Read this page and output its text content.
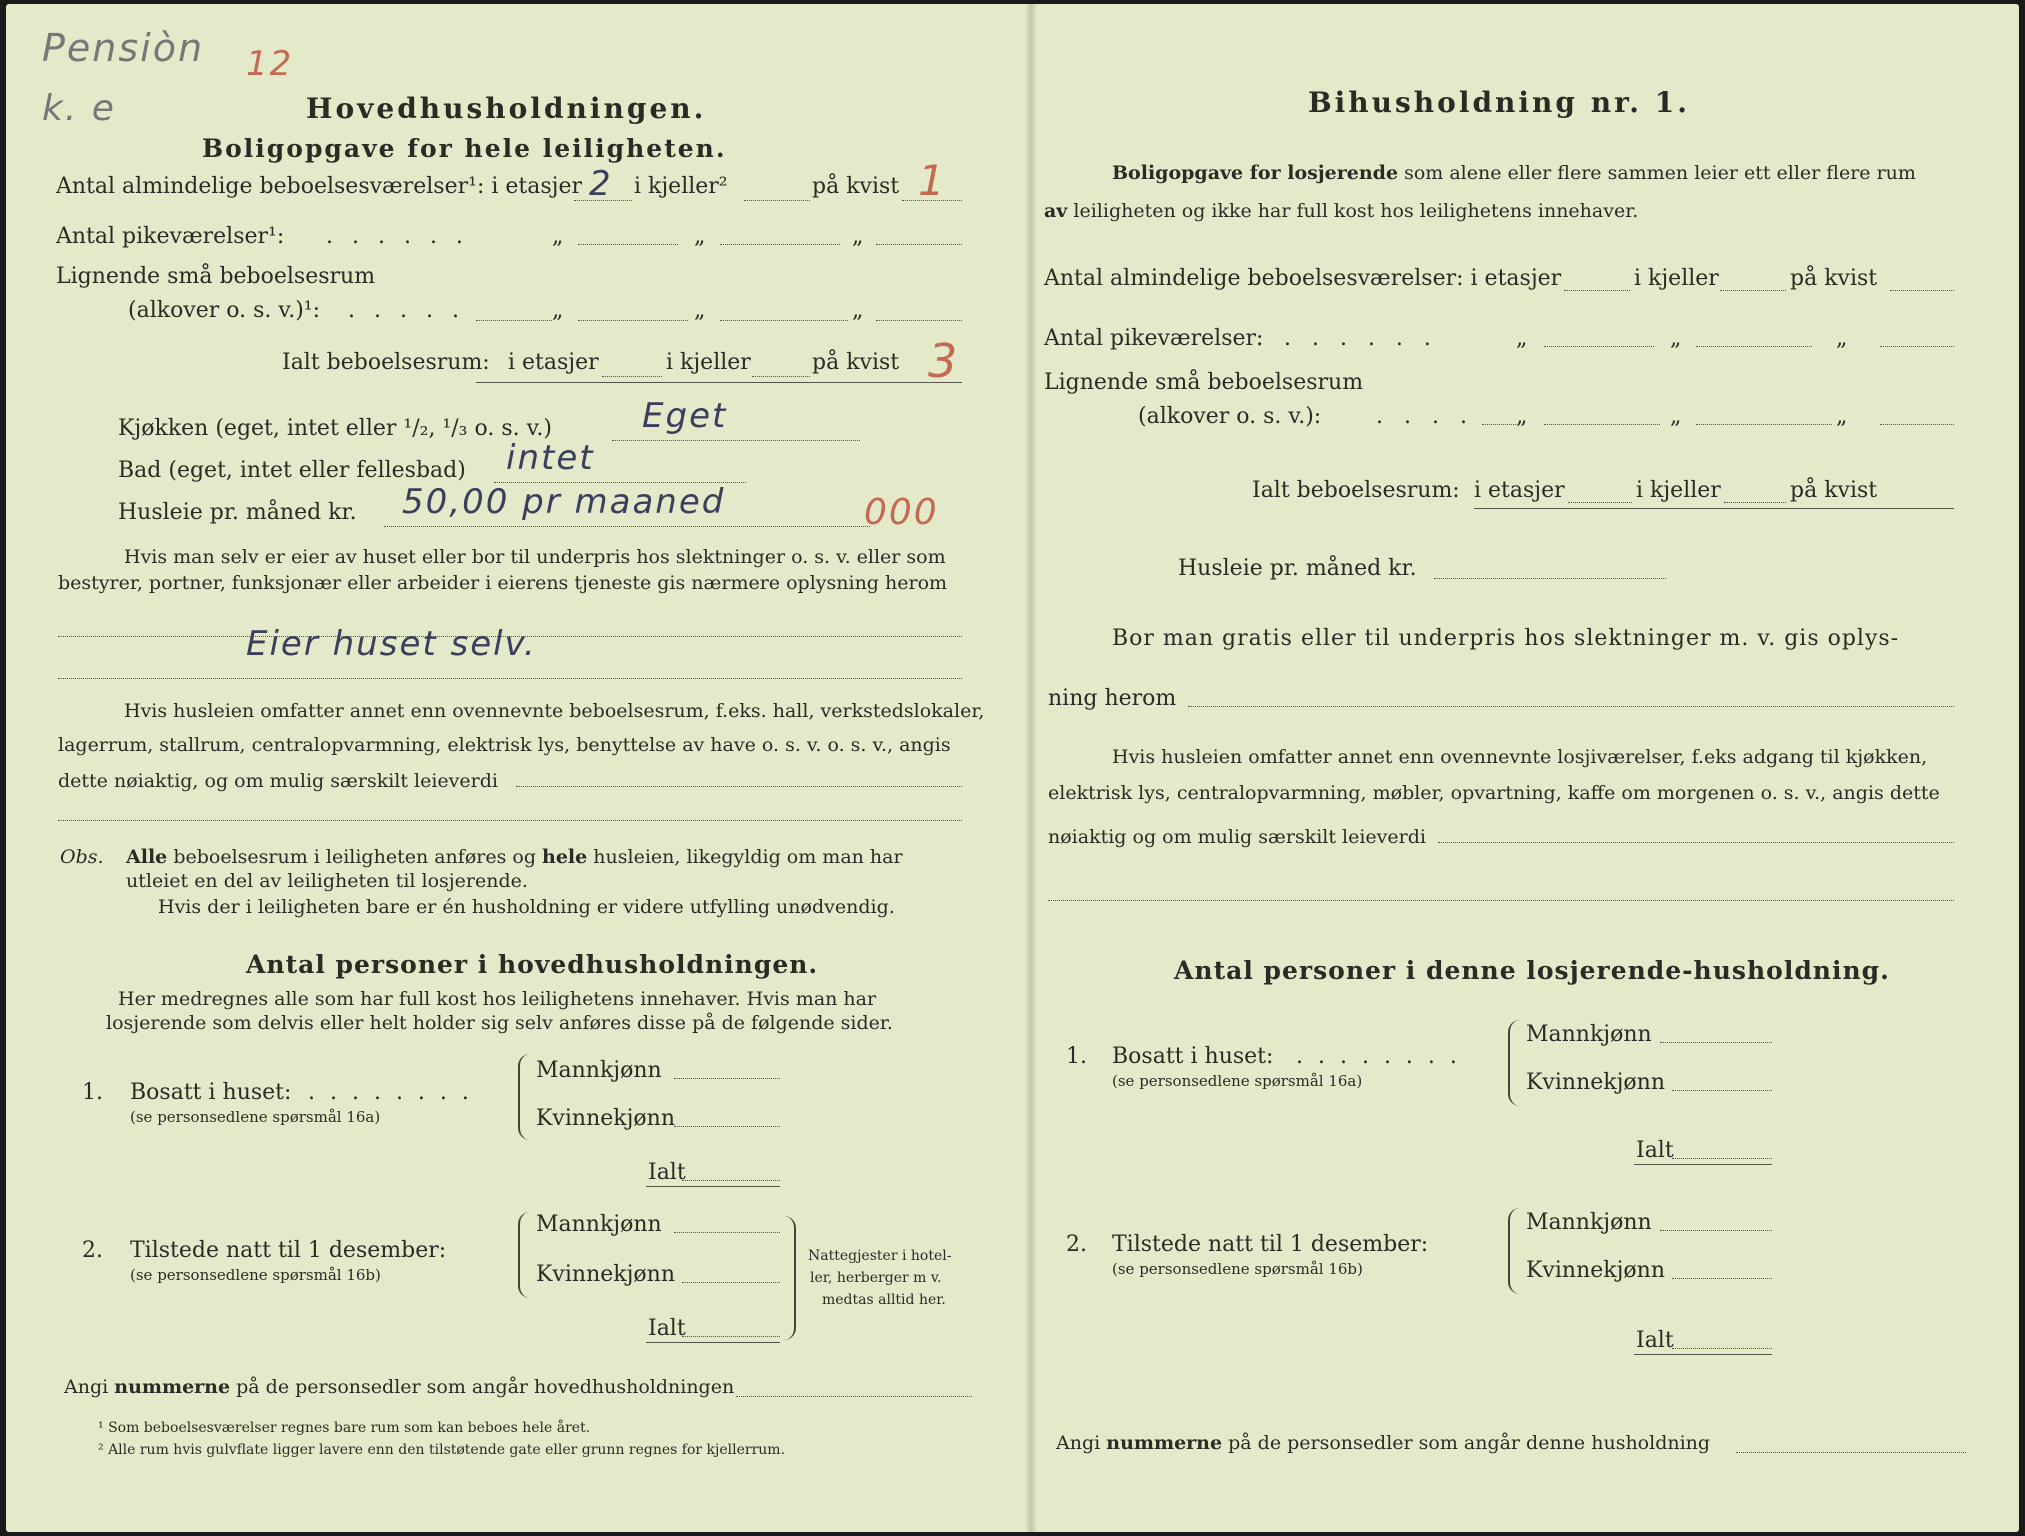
Pensiòn 12
k. e	Hovedhusholdningen.
Boligopgave for hele leiligheten.
Antal almindelige beboelsesværelser¹: i etasjer 2 i kjeller²	på kvist 1
Antal pikeværelser¹: . . . . . .	„	„	„
Lignende små beboelsesrum
(alkover o. s. v.)¹: . . . . .	„	„	„
Ialt beboelsesrum: i etasjer	i kjeller	på kvist 3
Kjøkken (eget, intet eller ¹/₂, ¹/₃ o. s. v.)	Eget
Bad (eget, intet eller fellesbad) intet
Husleie pr. måned kr. 50,00 pr maaned	000
Hvis man selv er eier av huset eller bor til underpris hos slektninger o. s. v. eller som
bestyrer, portner, funksjonær eller arbeider i eierens tjeneste gis nærmere oplysning herom
Eier huset selv.
Hvis husleien omfatter annet enn ovennevnte beboelsesrum, f.eks. hall, verkstedslokaler,
lagerrum, stallrum, centralopvarmning, elektrisk lys, benyttelse av have o. s. v. o. s. v., angis
dette nøiaktig, og om mulig særskilt leieverdi
Obs. Alle beboelsesrum i leiligheten anføres og hele husleien, likegyldig om man har
utleiet en del av leiligheten til losjerende.
Hvis der i leiligheten bare er én husholdning er videre utfylling unødvendig.
Antal personer i hovedhusholdningen.
Her medregnes alle som har full kost hos leilighetens innehaver. Hvis man har
losjerende som delvis eller helt holder sig selv anføres disse på de følgende sider.
1. Bosatt i huset: . . . . . . . .
(se personsedlene spørsmål 16a)
Mannkjønn
Kvinnekjønn
Ialt
2. Tilstede natt til 1 desember:
(se personsedlene spørsmål 16b)
Mannkjønn
Kvinnekjønn
Ialt
Nattegjester i hotel-
ler, herberger m v.
medtas alltid her.
Angi nummerne på de personsedler som angår hovedhusholdningen
¹ Som beboelsesværelser regnes bare rum som kan beboes hele året.
² Alle rum hvis gulvflate ligger lavere enn den tilstøtende gate eller grunn regnes for kjellerrum.
Bihusholdning nr. 1.
Boligopgave for losjerende som alene eller flere sammen leier ett eller flere rum
av leiligheten og ikke har full kost hos leilighetens innehaver.
Antal almindelige beboelsesværelser: i etasjer	i kjeller	på kvist
Antal pikeværelser:
. . . . . . .	„	„	„
Lignende små beboelsesrum
(alkover o. s. v.): . . . . „	„	„
Ialt beboelsesrum: i etasjer	i kjeller	på kvist
Husleie pr. måned kr.
Bor man gratis eller til underpris hos slektninger m. v. gis oplys-
ning herom
Hvis husleien omfatter annet enn ovennevnte losjiværelser, f.eks adgang til kjøkken,
elektrisk lys, centralopvarmning, møbler, opvartning, kaffe om morgenen o. s. v., angis dette
nøiaktig og om mulig særskilt leieverdi
Antal personer i denne losjerende-husholdning.
1. Bosatt i huset: . . . . . . . .
(se personsedlene spørsmål 16a)
Mannkjønn
Kvinnekjønn
Ialt
2. Tilstede natt til 1 desember:
(se personsedlene spørsmål 16b)
Mannkjønn
Kvinnekjønn
Ialt
Angi nummerne på de personsedler som angår denne husholdning
